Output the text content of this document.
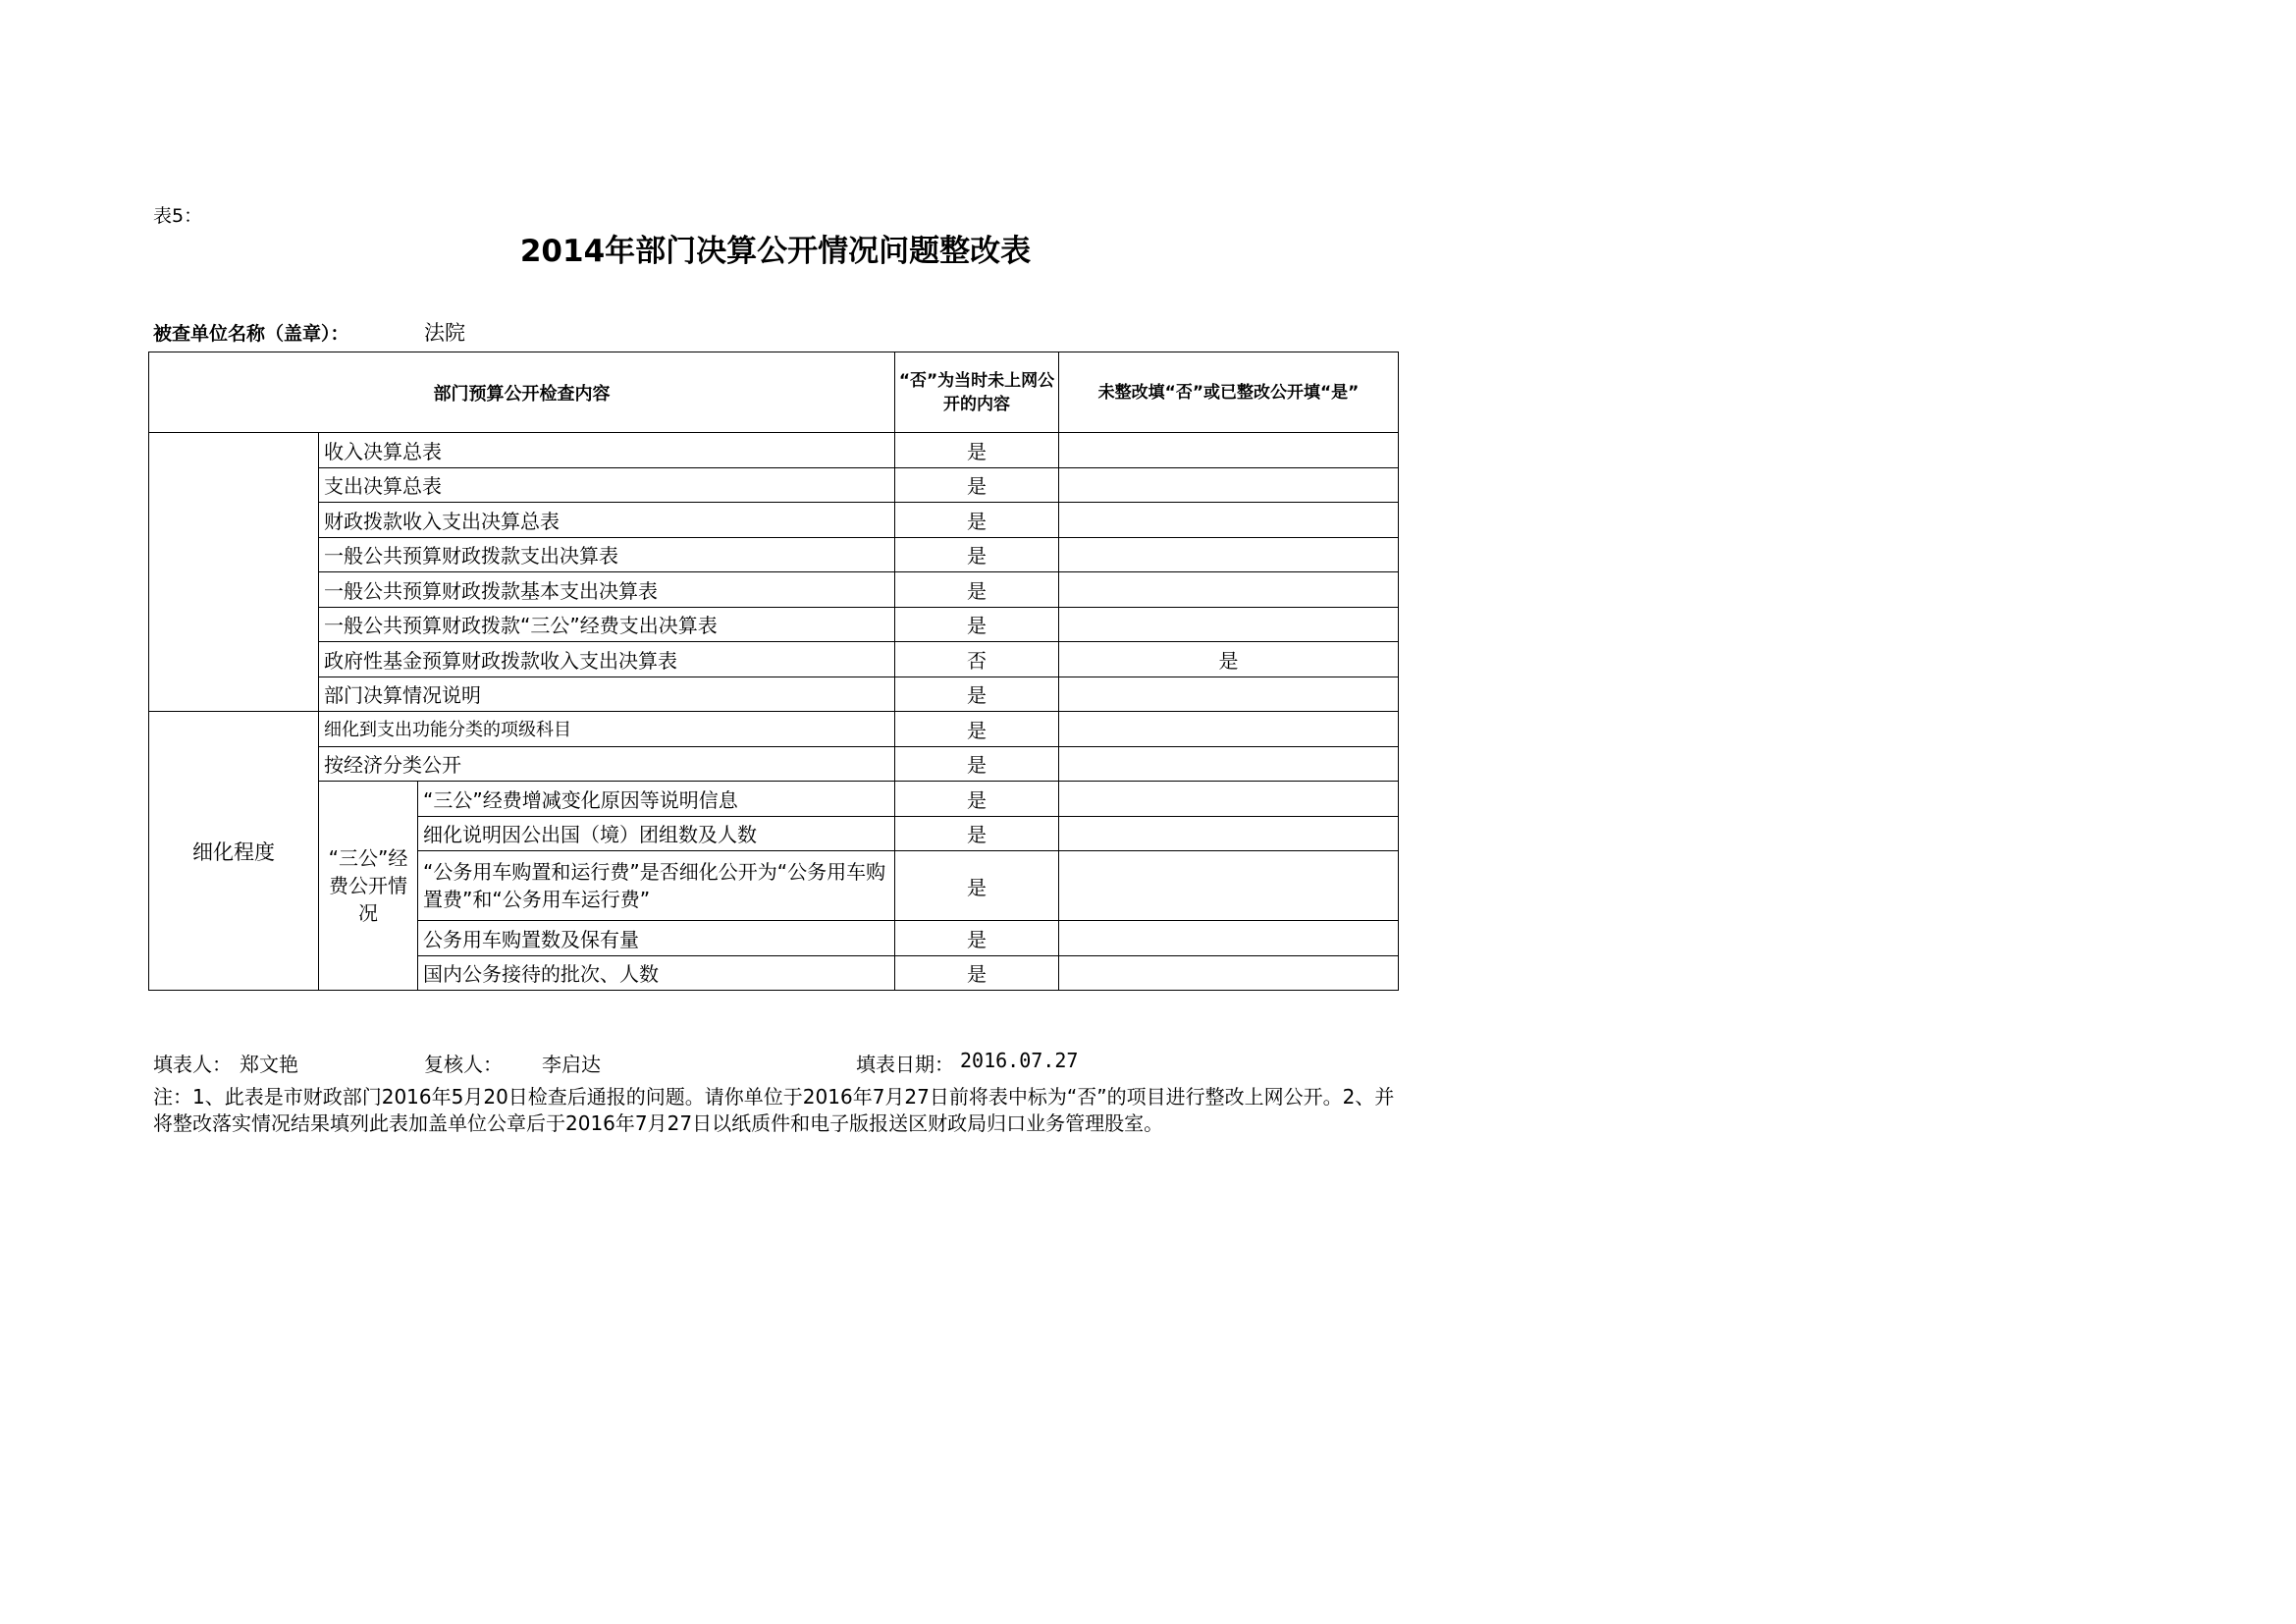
表5：
2014年部门决算公开情况问题整改表
被查单位名称（盖章）：	法院
部门预算公开检查内容			“否”为当时未上网公开的内容	未整改填“否”或已整改公开填“是”
	收入决算总表		是	
	支出决算总表		是	
	财政拨款收入支出决算总表		是	
	一般公共预算财政拨款支出决算表		是	
	一般公共预算财政拨款基本支出决算表		是	
	一般公共预算财政拨款“三公”经费支出决算表		是	
	政府性基金预算财政拨款收入支出决算表		否	是
	部门决算情况说明		是	
细化程度	细化到支出功能分类的项级科目		是	
	按经济分类公开		是	
	“三公”经费公开情况	“三公”经费增减变化原因等说明信息	是	
		细化说明因公出国（境）团组数及人数	是	
		“公务用车购置和运行费”是否细化公开为“公务用车购置费”和“公务用车运行费”	是	
		公务用车购置数及保有量	是	
		国内公务接待的批次、人数	是	
填表人： 郑文艳	复核人： 李启达	填表日期： 2016.07.27
注：1、此表是市财政部门2016年5月20日检查后通报的问题。请你单位于2016年7月27日前将表中标为“否”的项目进行整改上网公开。2、并将整改落实情况结果填列此表加盖单位公章后于2016年7月27日以纸质件和电子版报送区财政局归口业务管理股室。
